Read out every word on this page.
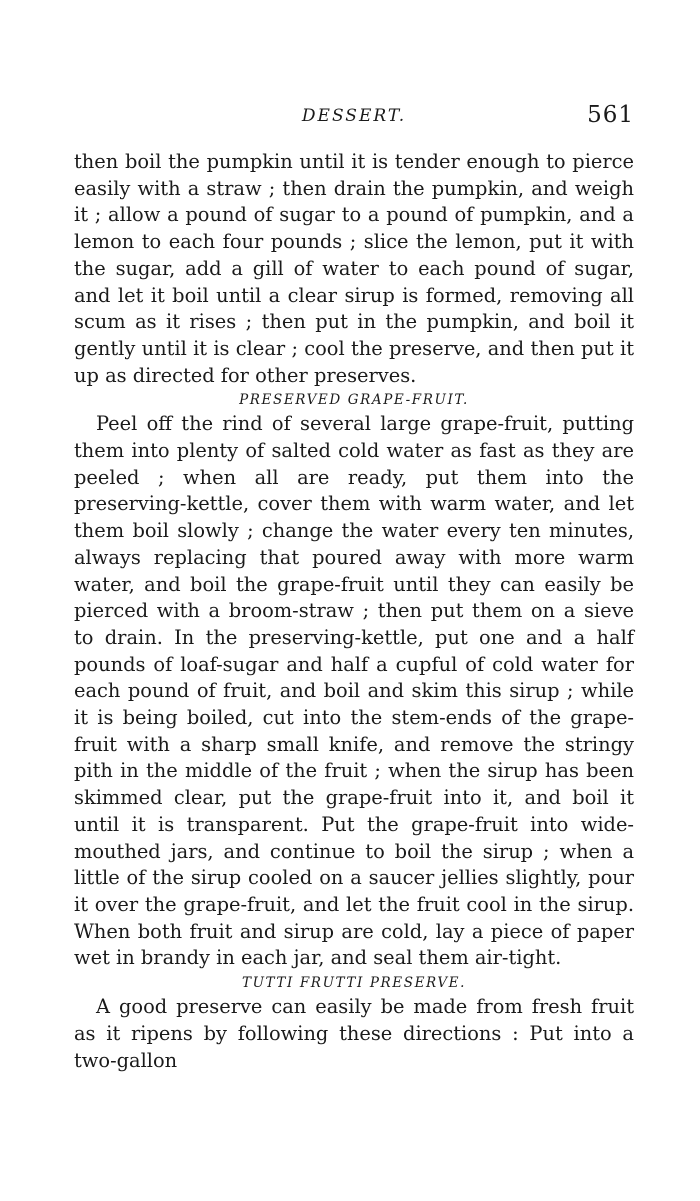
DESSERT.	561

then boil the pumpkin until it is tender enough to pierce easily with a straw ; then drain the pumpkin, and weigh it ; allow a pound of sugar to a pound of pumpkin, and a lemon to each four pounds ; slice the lemon, put it with the sugar, add a gill of water to each pound of sugar, and let it boil until a clear sirup is formed, removing all scum as it rises ; then put in the pumpkin, and boil it gently until it is clear ; cool the preserve, and then put it up as directed for other preserves.

PRESERVED GRAPE-FRUIT.

Peel off the rind of several large grape-fruit, putting them into plenty of salted cold water as fast as they are peeled ; when all are ready, put them into the preserving-kettle, cover them with warm water, and let them boil slowly ; change the water every ten minutes, always replacing that poured away with more warm water, and boil the grape-fruit until they can easily be pierced with a broom-straw ; then put them on a sieve to drain. In the preserving-kettle, put one and a half pounds of loaf-sugar and half a cupful of cold water for each pound of fruit, and boil and skim this sirup ; while it is being boiled, cut into the stem-ends of the grape-fruit with a sharp small knife, and remove the stringy pith in the middle of the fruit ; when the sirup has been skimmed clear, put the grape-fruit into it, and boil it until it is transparent. Put the grape-fruit into wide-mouthed jars, and continue to boil the sirup ; when a little of the sirup cooled on a saucer jellies slightly, pour it over the grape-fruit, and let the fruit cool in the sirup. When both fruit and sirup are cold, lay a piece of paper wet in brandy in each jar, and seal them air-tight.

TUTTI FRUTTI PRESERVE.

A good preserve can easily be made from fresh fruit as it ripens by following these directions : Put into a two-gallon
